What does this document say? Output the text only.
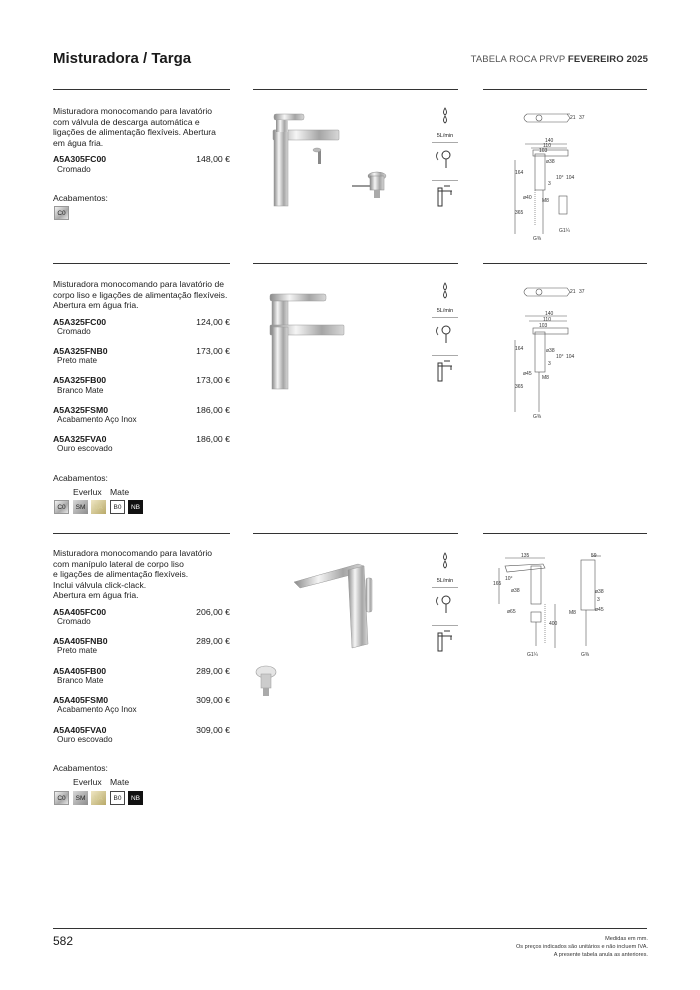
Misturadora / Targa	TABELA ROCA PRVP FEVEREIRO 2025
Misturadora monocomando para lavatório
com válvula de descarga automática e
ligações de alimentação flexíveis. Abertura
em água fria.
A5A305FC00	148,00 €
Cromado
Acabamentos:
C0
5L/min
21 37
140
110
103
ø38
164
10° 104
3
ø40 M8
365
G⅜
G1¼
Misturadora monocomando para lavatório de
corpo liso e ligações de alimentação flexíveis.
Abertura em água fria.
A5A325FC00	124,00 €
Cromado
A5A325FNB0	173,00 €
Preto mate
A5A325FB00	173,00 €
Branco Mate
A5A325FSM0	186,00 €
Acabamento Aço Inox
A5A325FVA0	186,00 €
Ouro escovado
Acabamentos:
Everlux Mate
C0	SM	VA	B0	NB
5L/min
21 37
140
110
103
ø38
164
10° 104
3
ø45
M8
365
G⅜
Misturadora monocomando para lavatório
com manípulo lateral de corpo liso
e ligações de alimentação flexíveis.
Inclui válvula click-clack.
Abertura em água fria.
A5A405FC00	206,00 €
Cromado
A5A405FNB0	289,00 €
Preto mate
A5A405FB00	289,00 €
Branco Mate
A5A405FSM0	309,00 €
Acabamento Aço Inox
A5A405FVA0	309,00 €
Ouro escovado
Acabamentos:
Everlux Mate
C0	SM	VA	B0	NB
5L/min
135
165
10°
ø38
ø65
400
G1¼	G⅜
59
ø38
3
M8	ø45
582	Medidas em mm.
Os preços indicados são unitários e não incluem IVA.
A presente tabela anula as anteriores.
